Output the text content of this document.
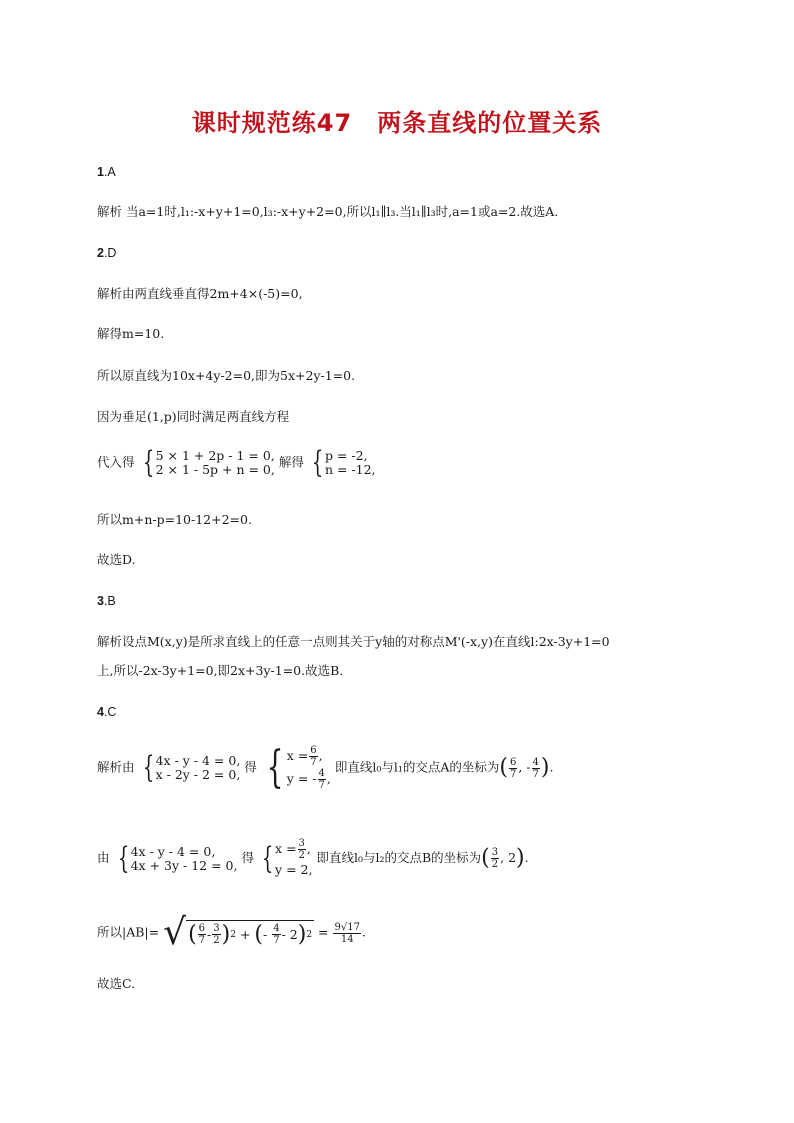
课时规范练47　两条直线的位置关系
1.A
解析 当a=1时,l₁:-x+y+1=0,l₃:-x+y+2=0,所以l₁∥l₃.当l₁∥l₃时,a=1或a=2.故选A.
2.D
解析由两直线垂直得2m+4×(-5)=0,
解得m=10.
所以原直线为10x+4y-2=0,即为5x+2y-1=0.
因为垂足(1,p)同时满足两直线方程
代入得 { 5 × 1 + 2p - 1 = 0,
2 × 1 - 5p + n = 0, 解得 { p = -2,
n = -12,
所以m+n-p=10-12+2=0.
故选D.
3.B
解析设点M(x,y)是所求直线上的任意一点则其关于y轴的对称点M'(-x,y)在直线l:2x-3y+1=0
上,所以-2x-3y+1=0,即2x+3y-1=0.故选B.
4.C
解析由 { 4x - y - 4 = 0,
x - 2y - 2 = 0, 得 { $x = \frac{6}{7}$ ,
y = - $\frac{4}{7}$ ,
即直线l₀与l₁的交点A的坐标为( $\frac{6}{7}$ , - $\frac{4}{7}$ ).
由 { 4x - y - 4 = 0,
4x + 3y - 12 = 0, 得 { $x = \frac{3}{2}$ ,
y = 2,
即直线l₀与l₂的交点B的坐标为( $\frac{3}{2}$ , 2).
所以|AB|= √ ( $\frac{6}{7} - \frac{3}{2}$ ) 2 + ( - $\frac{4}{7} - 2$ ) $2 = \frac{9√17}{14}$ .
故选C.
